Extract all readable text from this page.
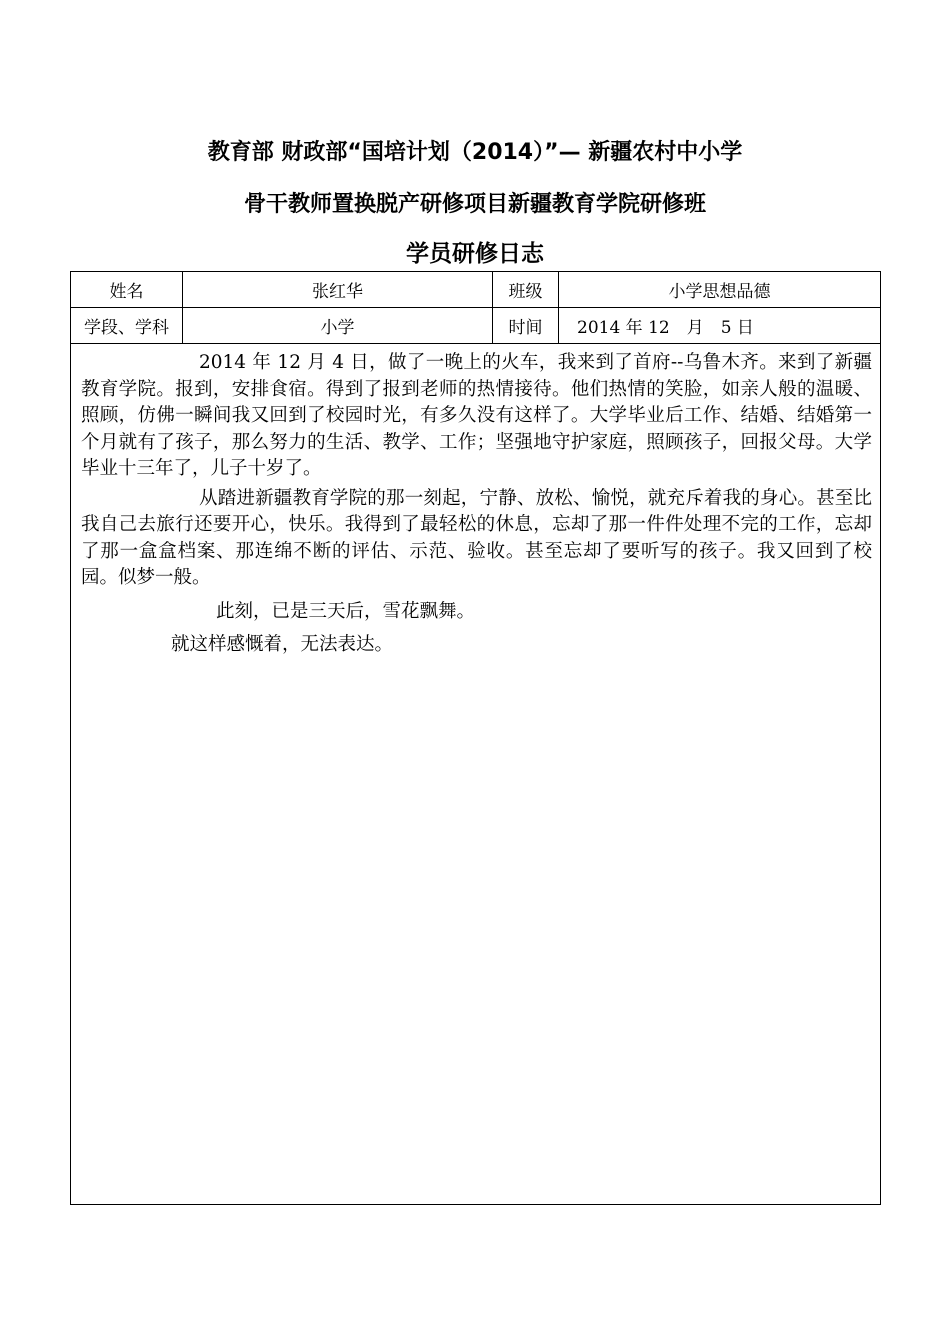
教育部 财政部“国培计划（2014）”— 新疆农村中小学
骨干教师置换脱产研修项目新疆教育学院研修班
学员研修日志
姓名	张红华	班级	小学思想品德
学段、学科	小学	时间	2014 年 12　月　5 日

2014 年 12 月 4 日，做了一晚上的火车，我来到了首府--乌鲁木齐。来到了新疆教育学院。报到，安排食宿。得到了报到老师的热情接待。他们热情的笑脸，如亲人般的温暖、照顾，仿佛一瞬间我又回到了校园时光，有多久没有这样了。大学毕业后工作、结婚、结婚第一个月就有了孩子，那么努力的生活、教学、工作；坚强地守护家庭，照顾孩子，回报父母。大学毕业十三年了，儿子十岁了。

从踏进新疆教育学院的那一刻起，宁静、放松、愉悦，就充斥着我的身心。甚至比我自己去旅行还要开心，快乐。我得到了最轻松的休息，忘却了那一件件处理不完的工作，忘却了那一盒盒档案、那连绵不断的评估、示范、验收。甚至忘却了要听写的孩子。我又回到了校园。似梦一般。

此刻，已是三天后，雪花飘舞。

就这样感慨着，无法表达。			
